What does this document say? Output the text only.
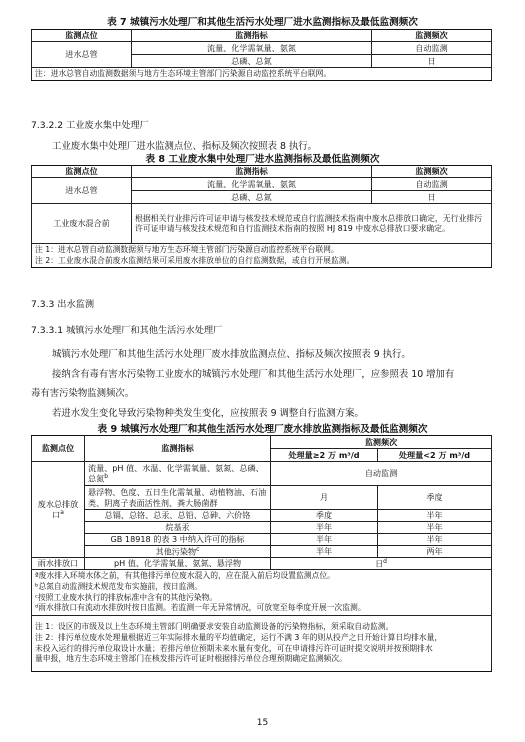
表 7 城镇污水处理厂和其他生活污水处理厂进水监测指标及最低监测频次
监测点位	监测指标	监测频次
进水总管	流量、化学需氧量、氨氮	自动监测
	总磷、总氮	日
注：进水总管自动监测数据须与地方生态环境主管部门污染源自动监控系统平台联网。		
7.3.2.2 工业废水集中处理厂
工业废水集中处理厂进水监测点位、指标及频次按照表 8 执行。
表 8 工业废水集中处理厂进水监测指标及最低监测频次
监测点位	监测指标	监测频次
进水总管	流量、化学需氧量、氨氮	自动监测
	总磷、总氮	日
工业废水混合前	根据相关行业排污许可证申请与核发技术规范或自行监测技术指南中废水总排放口确定，无行业排污许可证申请与核发技术规范和自行监测技术指南的按照 HJ 819 中废水总排放口要求确定。	

注 1：进水总管自动监测数据须与地方生态环境主管部门污染源自动监控系统平台联网。
注 2：工业废水混合前废水监测结果可采用废水排放单位的自行监测数据，或自行开展监测。		
7.3.3 出水监测
7.3.3.1 城镇污水处理厂和其他生活污水处理厂
城镇污水处理厂和其他生活污水处理厂废水排放监测点位、指标及频次按照表 9 执行。
接纳含有毒有害水污染物工业废水的城镇污水处理厂和其他生活污水处理厂，应参照表 10 增加有
毒有害污染物监测频次。
若进水发生变化导致污染物种类发生变化，应按照表 9 调整自行监测方案。
表 9 城镇污水处理厂和其他生活污水处理厂废水排放监测指标及最低监测频次
监测点位	监测指标	监测频次	
		处理量≥2 万 m³/d	处理量<2 万 m³/d
废水总排放口$^a$	流量、pH 值、水温、化学需氧量、氨氮、总磷、总氮$^b$	自动监测	
	悬浮物、色度、五日生化需氧量、动植物油、石油类、阴离子表面活性剂、粪大肠菌群	月	季度
	总镉、总铬、总汞、总铅、总砷、六价铬	季度	半年
	烷基汞	半年	半年
	GB 18918 的表 3 中纳入许可的指标	半年	半年
	其他污染物$^c$	半年	两年
雨水排放口	pH 值、化学需氧量、氨氮、悬浮物	日$^d$

ª废水排入环境水体之前，有其他排污单位废水混入的，应在混入前后均设置监测点位。
ᵇ总氮自动监测技术规范发布实施前，按日监测。
ᶜ按照工业废水执行的排放标准中含有的其他污染物。
ᵈ雨水排放口有流动水排放时按日监测。若监测一年无异常情况，可放宽至每季度开展一次监测。			

注 1：设区的市级及以上生态环境主管部门明确要求安装自动监测设备的污染物指标，须采取自动监测。
注 2：排污单位废水处理量根据近三年实际排水量的平均值确定，运行不满 3 年的则从投产之日开始计算日均排水量，
未投入运行的排污单位取设计水量；若排污单位预期未来水量有变化，可在申请排污许可证时提交说明并按预期排水
量申报，地方生态环境主管部门在核发排污许可证时根据排污单位合理预期确定监测频次。			
15
